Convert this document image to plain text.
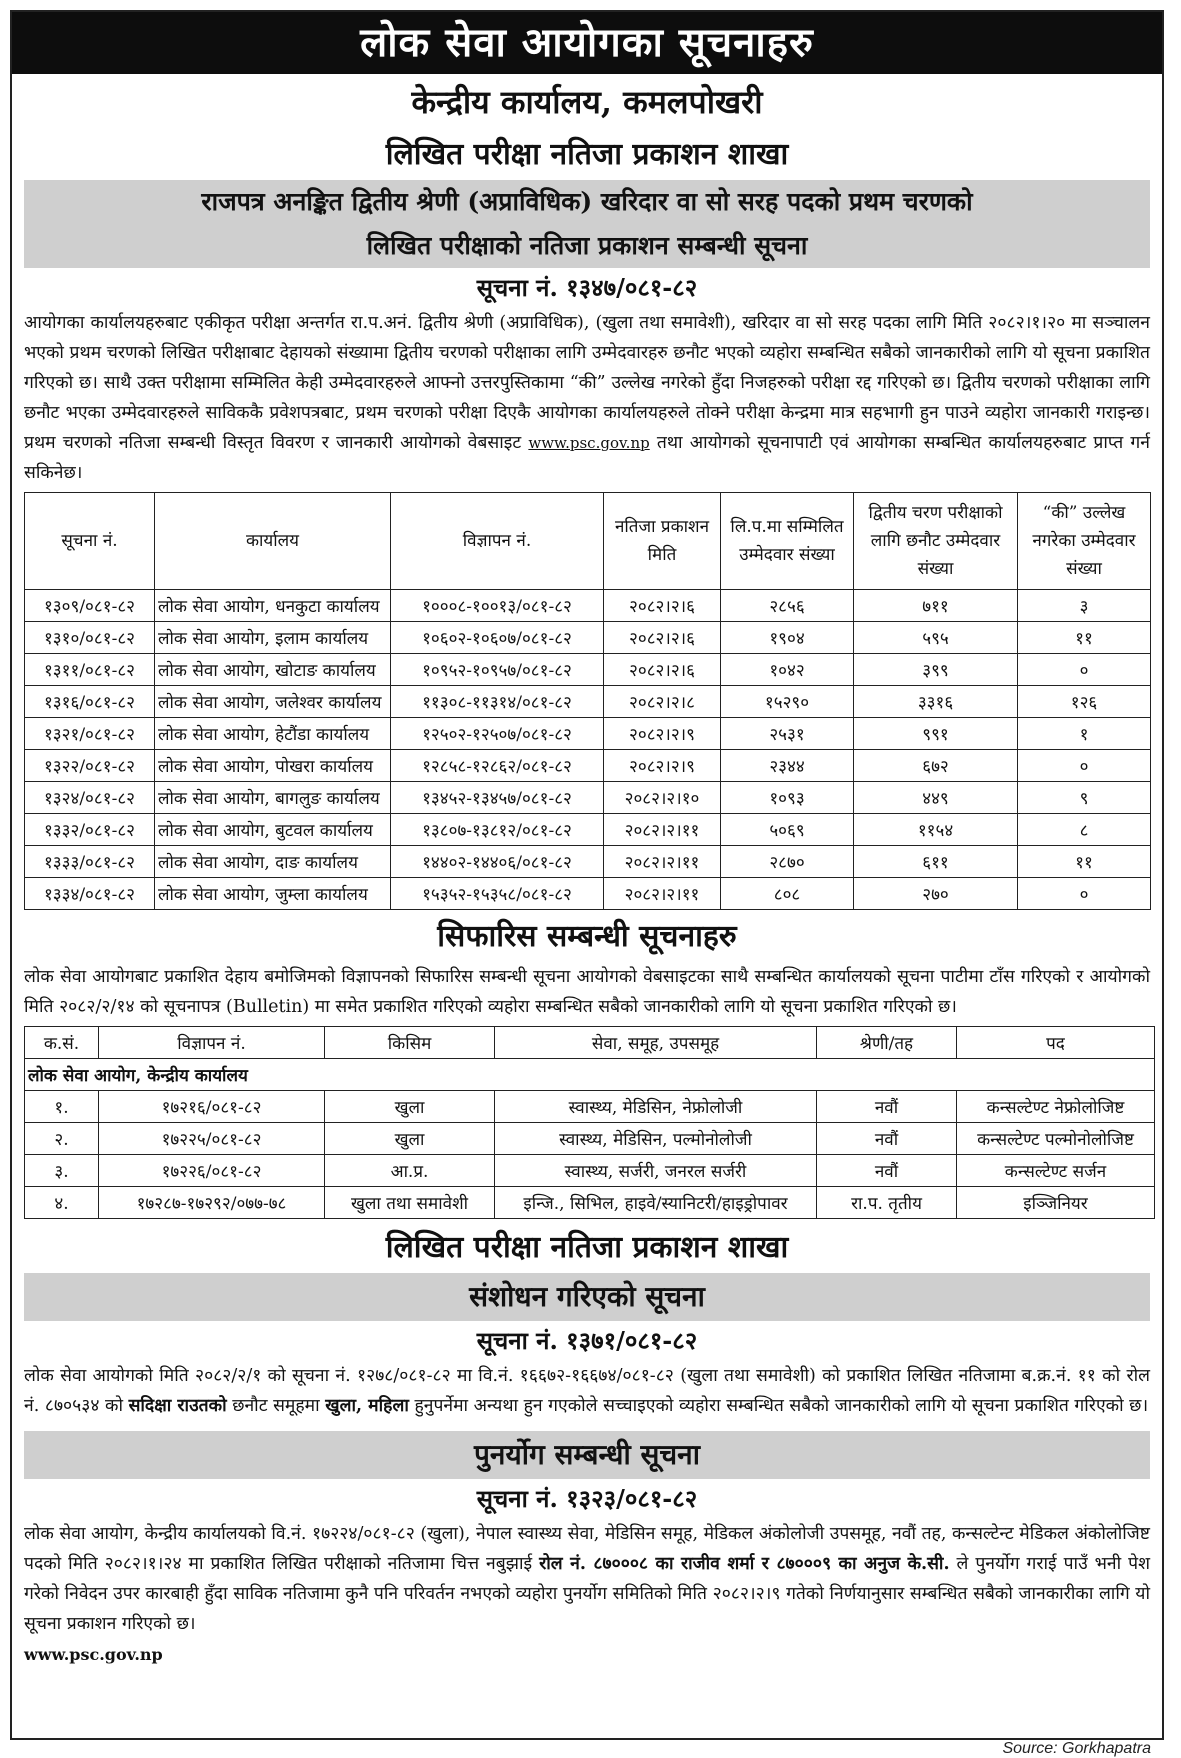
लोक सेवा आयोगका सूचनाहरु
केन्द्रीय कार्यालय, कमलपोखरी
लिखित परीक्षा नतिजा प्रकाशन शाखा
राजपत्र अनङ्कित द्वितीय श्रेणी (अप्राविधिक) खरिदार वा सो सरह पदको प्रथम चरणको
लिखित परीक्षाको नतिजा प्रकाशन सम्बन्धी सूचना
सूचना नं. १३४७/०८१-८२

आयोगका कार्यालयहरुबाट एकीकृत परीक्षा अन्तर्गत रा.प.अनं. द्वितीय श्रेणी (अप्राविधिक), (खुला तथा समावेशी), खरिदार वा सो सरह पदका लागि मिति २०८२।१।२० मा सञ्चालन भएको प्रथम चरणको लिखित परीक्षाबाट देहायको संख्यामा द्वितीय चरणको परीक्षाका लागि उम्मेदवारहरु छनौट भएको व्यहोरा सम्बन्धित सबैको जानकारीको लागि यो सूचना प्रकाशित गरिएको छ। साथै उक्त परीक्षामा सम्मिलित केही उम्मेदवारहरुले आफ्नो उत्तरपुस्तिकामा “की” उल्लेख नगरेको हुँदा निजहरुको परीक्षा रद्द गरिएको छ। द्वितीय चरणको परीक्षाका लागि छनौट भएका उम्मेदवारहरुले साविककै प्रवेशपत्रबाट, प्रथम चरणको परीक्षा दिएकै आयोगका कार्यालयहरुले तोक्ने परीक्षा केन्द्रमा मात्र सहभागी हुन पाउने व्यहोरा जानकारी गराइन्छ। प्रथम चरणको नतिजा सम्बन्धी विस्तृत विवरण र जानकारी आयोगको वेबसाइट www.psc.gov.np तथा आयोगको सूचनापाटी एवं आयोगका सम्बन्धित कार्यालयहरुबाट प्राप्त गर्न सकिनेछ।

सूचना नं.	कार्यालय	विज्ञापन नं.	नतिजा प्रकाशन मिति	लि.प.मा सम्मिलित उम्मेदवार संख्या	द्वितीय चरण परीक्षाको लागि छनौट उम्मेदवार संख्या	“की” उल्लेख नगरेका उम्मेदवार संख्या
१३०९/०८१-८२	लोक सेवा आयोग, धनकुटा कार्यालय	१०००८-१००१३/०८१-८२	२०८२।२।६	२८५६	७११	३
१३१०/०८१-८२	लोक सेवा आयोग, इलाम कार्यालय	१०६०२-१०६०७/०८१-८२	२०८२।२।६	१९०४	५९५	११
१३११/०८१-८२	लोक सेवा आयोग, खोटाङ कार्यालय	१०९५२-१०९५७/०८१-८२	२०८२।२।६	१०४२	३९९	०
१३१६/०८१-८२	लोक सेवा आयोग, जलेश्वर कार्यालय	११३०८-११३१४/०८१-८२	२०८२।२।८	१५२९०	३३१६	१२६
१३२१/०८१-८२	लोक सेवा आयोग, हेटौंडा कार्यालय	१२५०२-१२५०७/०८१-८२	२०८२।२।९	२५३१	९९१	१
१३२२/०८१-८२	लोक सेवा आयोग, पोखरा कार्यालय	१२८५८-१२८६२/०८१-८२	२०८२।२।९	२३४४	६७२	०
१३२४/०८१-८२	लोक सेवा आयोग, बागलुङ कार्यालय	१३४५२-१३४५७/०८१-८२	२०८२।२।१०	१०९३	४४९	९
१३३२/०८१-८२	लोक सेवा आयोग, बुटवल कार्यालय	१३८०७-१३८१२/०८१-८२	२०८२।२।११	५०६९	११५४	८
१३३३/०८१-८२	लोक सेवा आयोग, दाङ कार्यालय	१४४०२-१४४०६/०८१-८२	२०८२।२।११	२८७०	६११	११
१३३४/०८१-८२	लोक सेवा आयोग, जुम्ला कार्यालय	१५३५२-१५३५८/०८१-८२	२०८२।२।११	८०८	२७०	०
सिफारिस सम्बन्धी सूचनाहरु

लोक सेवा आयोगबाट प्रकाशित देहाय बमोजिमको विज्ञापनको सिफारिस सम्बन्धी सूचना आयोगको वेबसाइटका साथै सम्बन्धित कार्यालयको सूचना पाटीमा टाँस गरिएको र आयोगको मिति २०८२/२/१४ को सूचनापत्र (Bulletin) मा समेत प्रकाशित गरिएको व्यहोरा सम्बन्धित सबैको जानकारीको लागि यो सूचना प्रकाशित गरिएको छ।

क.सं.	विज्ञापन नं.	किसिम	सेवा, समूह, उपसमूह	श्रेणी/तह	पद
लोक सेवा आयोग, केन्द्रीय कार्यालय					
१.	१७२१६/०८१-८२	खुला	स्वास्थ्य, मेडिसिन, नेफ्रोलोजी	नवौं	कन्सल्टेण्ट नेफ्रोलोजिष्ट
२.	१७२२५/०८१-८२	खुला	स्वास्थ्य, मेडिसिन, पल्मोनोलोजी	नवौं	कन्सल्टेण्ट पल्मोनोलोजिष्ट
३.	१७२२६/०८१-८२	आ.प्र.	स्वास्थ्य, सर्जरी, जनरल सर्जरी	नवौं	कन्सल्टेण्ट सर्जन
४.	१७२८७-१७२९२/०७७-७८	खुला तथा समावेशी	इन्जि., सिभिल, हाइवे/स्यानिटरी/हाइड्रोपावर	रा.प. तृतीय	इञ्जिनियर
लिखित परीक्षा नतिजा प्रकाशन शाखा
संशोधन गरिएको सूचना
सूचना नं. १३७१/०८१-८२

लोक सेवा आयोगको मिति २०८२/२/१ को सूचना नं. १२७८/०८१-८२ मा वि.नं. १६६७२-१६६७४/०८१-८२ (खुला तथा समावेशी) को प्रकाशित लिखित नतिजामा ब.क्र.नं. ११ को रोल नं. ८७०५३४ को सदिक्षा राउतको छनौट समूहमा खुला, महिला हुनुपर्नेमा अन्यथा हुन गएकोले सच्चाइएको व्यहोरा सम्बन्धित सबैको जानकारीको लागि यो सूचना प्रकाशित गरिएको छ।

पुनर्योग सम्बन्धी सूचना
सूचना नं. १३२३/०८१-८२

लोक सेवा आयोग, केन्द्रीय कार्यालयको वि.नं. १७२२४/०८१-८२ (खुला), नेपाल स्वास्थ्य सेवा, मेडिसिन समूह, मेडिकल अंकोलोजी उपसमूह, नवौं तह, कन्सल्टेन्ट मेडिकल अंकोलोजिष्ट पदको मिति २०८२।१।२४ मा प्रकाशित लिखित परीक्षाको नतिजामा चित्त नबुझाई रोल नं. ८७०००८ का राजीव शर्मा र ८७०००९ का अनुज के.सी. ले पुनर्योग गराई पाउँ भनी पेश गरेको निवेदन उपर कारबाही हुँदा साविक नतिजामा कुनै पनि परिवर्तन नभएको व्यहोरा पुनर्योग समितिको मिति २०८२।२।९ गतेको निर्णयानुसार सम्बन्धित सबैको जानकारीका लागि यो सूचना प्रकाशन गरिएको छ।

www.psc.gov.np
Source: Gorkhapatra
